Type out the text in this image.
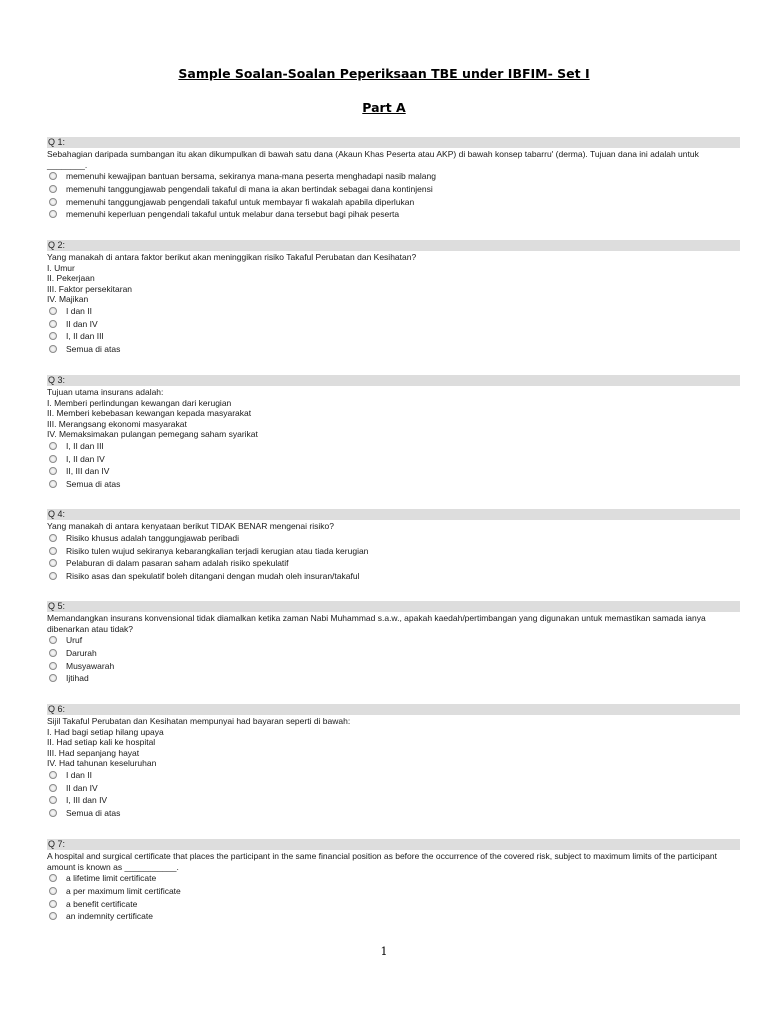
Sample Soalan-Soalan Peperiksaan TBE under IBFIM- Set I
Part A
Q 1:
Sebahagian daripada sumbangan itu akan dikumpulkan di bawah satu dana (Akaun Khas Peserta atau AKP) di bawah konsep tabarru' (derma). Tujuan dana ini adalah untuk ________.
memenuhi kewajipan bantuan bersama, sekiranya mana-mana peserta menghadapi nasib malang
memenuhi tanggungjawab pengendali takaful di mana ia akan bertindak sebagai dana kontinjensi
memenuhi tanggungjawab pengendali takaful untuk membayar fi wakalah apabila diperlukan
memenuhi keperluan pengendali takaful untuk melabur dana tersebut bagi pihak peserta
Q 2:
Yang manakah di antara faktor berikut akan meninggikan risiko Takaful Perubatan dan Kesihatan?
I. Umur
II. Pekerjaan
III. Faktor persekitaran
IV. Majikan
I dan II
II dan IV
I, II dan III
Semua di atas
Q 3:
Tujuan utama insurans adalah:
I. Memberi perlindungan kewangan dari kerugian
II. Memberi kebebasan kewangan kepada masyarakat
III. Merangsang ekonomi masyarakat
IV. Memaksimakan pulangan pemegang saham syarikat
I, II dan III
I, II dan IV
II, III dan IV
Semua di atas
Q 4:
Yang manakah di antara kenyataan berikut TIDAK BENAR mengenai risiko?
Risiko khusus adalah tanggungjawab peribadi
Risiko tulen wujud sekiranya kebarangkalian terjadi kerugian atau tiada kerugian
Pelaburan di dalam pasaran saham adalah risiko spekulatif
Risiko asas dan spekulatif boleh ditangani dengan mudah oleh insuran/takaful
Q 5:
Memandangkan insurans konvensional tidak diamalkan ketika zaman Nabi Muhammad s.a.w., apakah kaedah/pertimbangan yang digunakan untuk memastikan samada ianya dibenarkan atau tidak?
Uruf
Darurah
Musyawarah
Ijtihad
Q 6:
Sijil Takaful Perubatan dan Kesihatan mempunyai had bayaran seperti di bawah:
I. Had bagi setiap hilang upaya
II. Had setiap kali ke hospital
III. Had sepanjang hayat
IV. Had tahunan keseluruhan
I dan II
II dan IV
I, III dan IV
Semua di atas
Q 7:
A hospital and surgical certificate that places the participant in the same financial position as before the occurrence of the covered risk, subject to maximum limits of the participant amount is known as ___________.
a lifetime limit certificate
a per maximum limit certificate
a benefit certificate
an indemnity certificate
1
